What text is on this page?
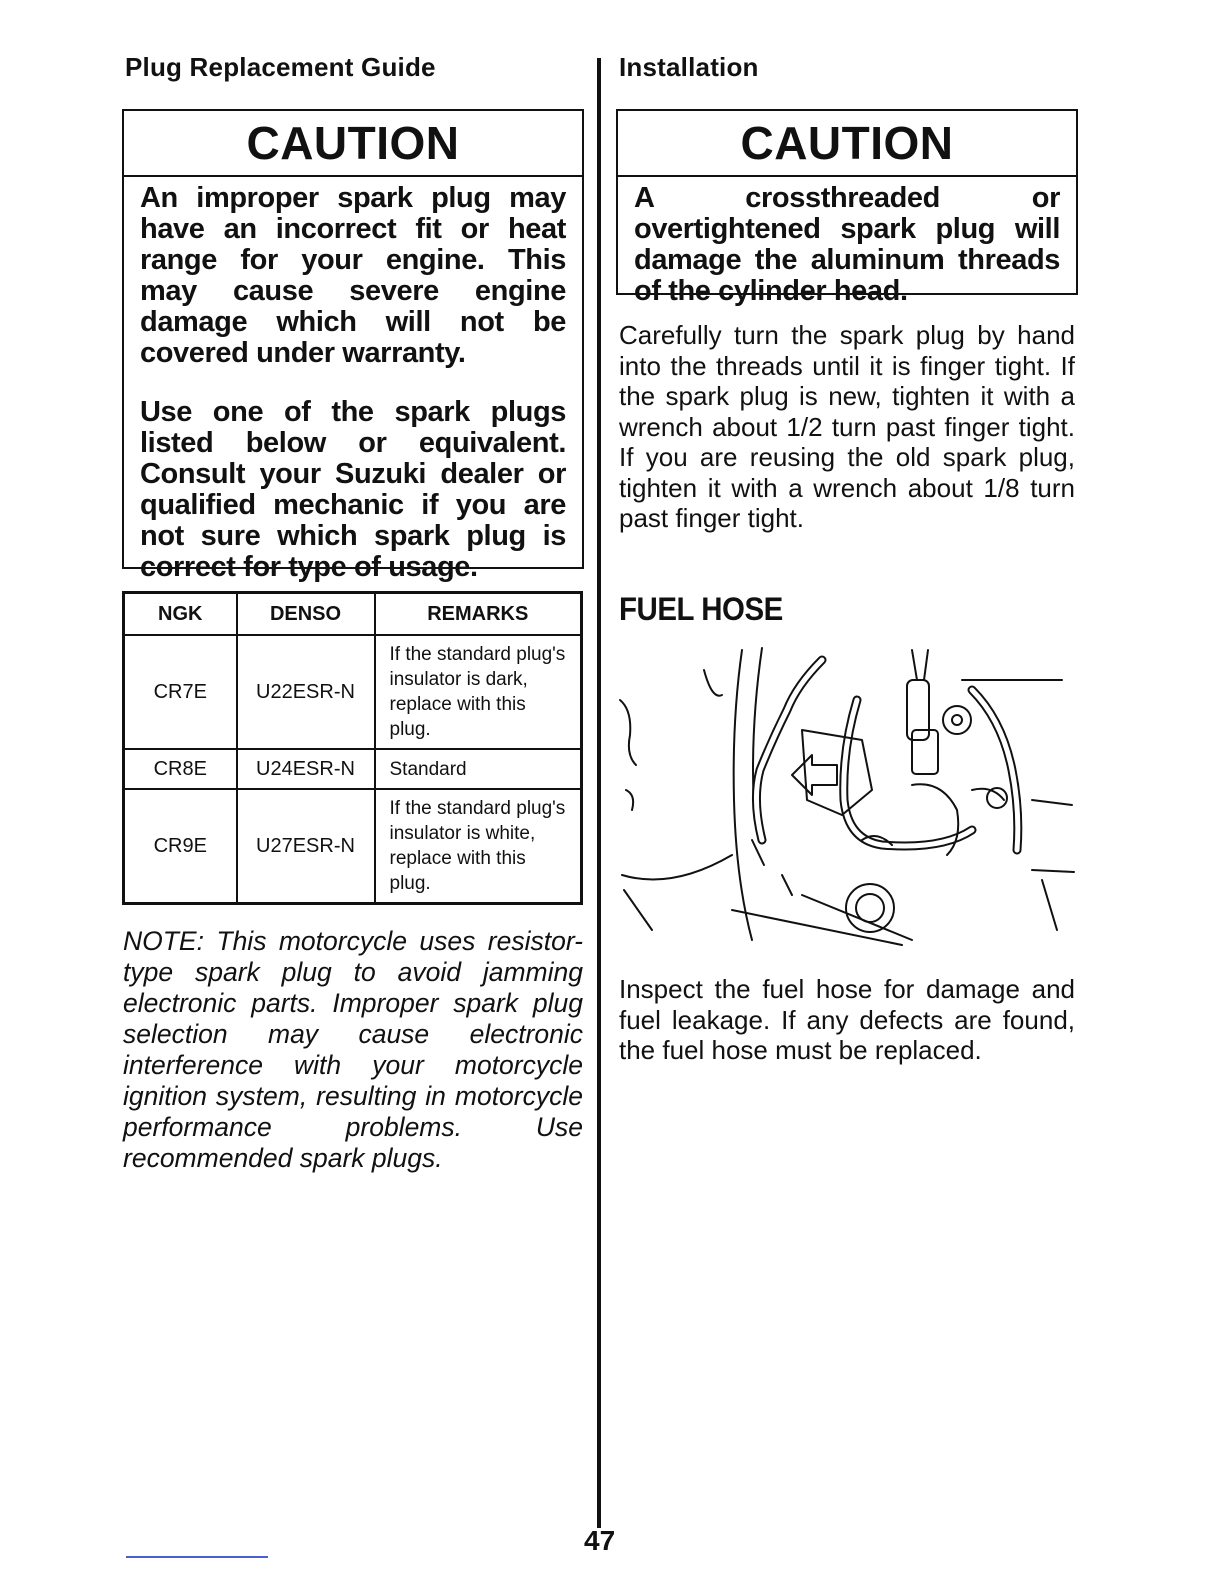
Plug Replacement Guide
CAUTION

An improper spark plug may have an incorrect fit or heat range for your engine. This may cause severe engine damage which will not be covered under warranty.

Use one of the spark plugs listed below or equivalent. Consult your Suzuki dealer or qualified mechanic if you are not sure which spark plug is correct for type of usage.

NGK	DENSO	REMARKS
CR7E	U22ESR-N	If the standard plug's insulator is dark, replace with this plug.
CR8E	U24ESR-N	Standard
CR9E	U27ESR-N	If the standard plug's insulator is white, replace with this plug.
NOTE: This motorcycle uses resistor-type spark plug to avoid jamming electronic parts. Improper spark plug selection may cause electronic interference with your motorcycle ignition system, resulting in motorcycle performance problems. Use recommended spark plugs.
Installation
CAUTION

A crossthreaded or overtightened spark plug will damage the aluminum threads of the cylinder head.

Carefully turn the spark plug by hand into the threads until it is finger tight. If the spark plug is new, tighten it with a wrench about 1/2 turn past finger tight. If you are reusing the old spark plug, tighten it with a wrench about 1/8 turn past finger tight.
FUEL HOSE
Inspect the fuel hose for damage and fuel leakage. If any defects are found, the fuel hose must be replaced.
47
